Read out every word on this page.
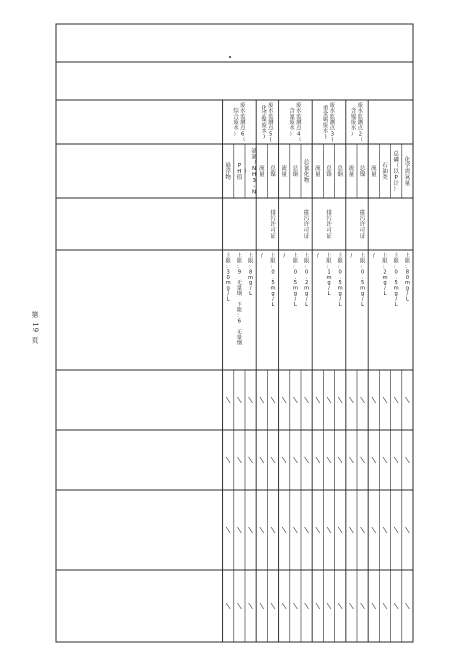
化
学
需
氧
量
上
限
：
8
0
m
g
/
L
总
磷
（
以
P
计
）
上
限
：
0
.
5
m
g
/
L
石
油
类
上
限
：
2
m
g
/
L
流
量
/
总
镍
上
限
：
0
.
5
m
g
/
L
排
污
许
可
证
流
量
/
废
水
监
测
点
2
（
含
镍
废
水
）
总
铜
上
限
：
0
.
5
m
g
/
L
总
铬
上
限
：
1
m
g
/
L
排
污
许
可
证
流
量
/
废
水
监
测
点
3
(
重
金
属
废
水
)
总
氰
化
物
上
限
：
0
.
2
m
g
/
L
排
污
许
可
证
总
铜
上
限
：
0
.
5
m
g
/
L
流
量
/
废
水
监
测
点
4
（
含
氰
废
水
）
总
镍
上
限
：
0
.
5
m
g
/
L
排
污
许
可
证
流
量
/
废
水
监
测
点
5
(
化
学
镍
废
水
)
氨
氮
（
N
H
3
-
N
）
上
限
：
8
m
g
/
L
P
H
值
上
限
：
9
无
量
纲
下
限
：
6
无
量
纲
悬
浮
物
上
限
：
3
0
m
g
/
L
废
水
监
测
点
6
（
综
合
废
水
）
第 19 页
